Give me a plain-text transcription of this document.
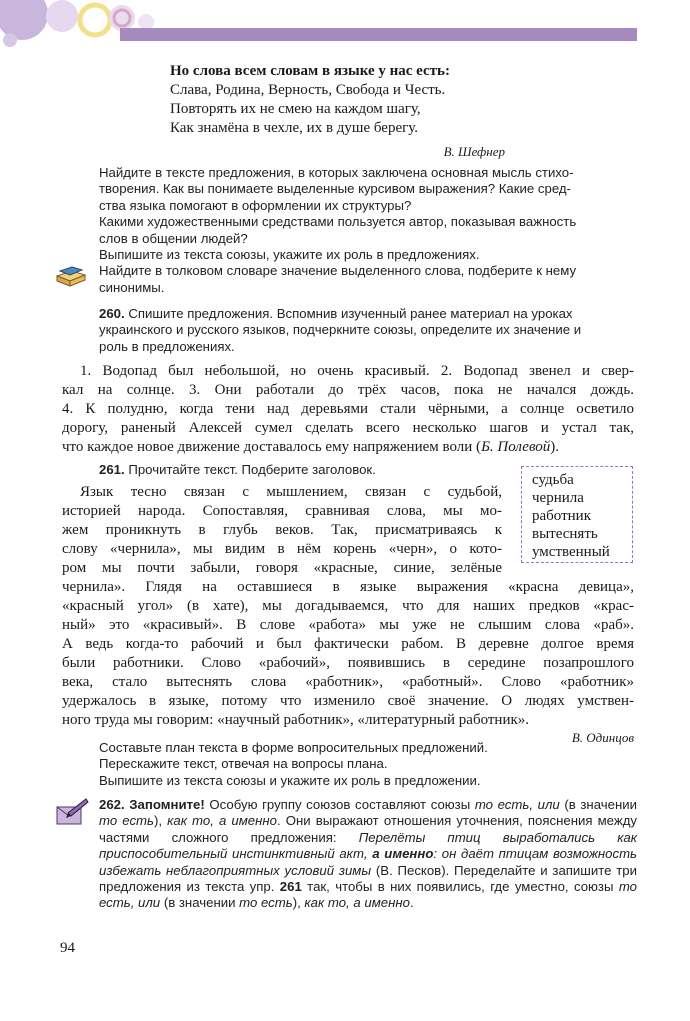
Но слова всем словам в языке у нас есть:
Слава, Родина, Верность, Свобода и Честь.
Повторять их не смею на каждом шагу,
Как знамёна в чехле, их в душе берегу.
В. Шефнер
Найдите в тексте предложения, в которых заключена основная мысль стихо-
творения. Как вы понимаете выделенные курсивом выражения? Какие сред-
ства языка помогают в оформлении их структуры?
Какими художественными средствами пользуется автор, показывая важность
слов в общении людей?
Выпишите из текста союзы, укажите их роль в предложениях.
Найдите в толковом словаре значение выделенного слова, подберите к нему
синонимы.
260. Спишите предложения. Вспомнив изученный ранее материал на уроках
украинского и русского языков, подчеркните союзы, определите их значение и
роль в предложениях.
1. Водопад был небольшой, но очень красивый. 2. Водопад звенел и свер-
кал на солнце. 3. Они работали до трёх часов, пока не начался дождь.
4. К полудню, когда тени над деревьями стали чёрными, а солнце осветило
дорогу, раненый Алексей сумел сделать всего несколько шагов и устал так,
что каждое новое движение доставалось ему напряжением воли (Б. Полевой).
261. Прочитайте текст. Подберите заголовок.
Язык тесно связан с мышлением, связан с судьбой,
историей народа. Сопоставляя, сравнивая слова, мы мо-
жем проникнуть в глубь веков. Так, присматриваясь к
слову «чернила», мы видим в нём корень «черн», о кото-
ром мы почти забыли, говоря «красные, синие, зелёные
судьба
чернила
работник
вытеснять
умственный
чернила». Глядя на оставшиеся в языке выражения «красна девица»,
«красный угол» (в хате), мы догадываемся, что для наших предков «крас-
ный» это «красивый». В слове «работа» мы уже не слышим слова «раб».
А ведь когда-то рабочий и был фактически рабом. В деревне долгое время
были работники. Слово «рабочий», появившись в середине позапрошлого
века, стало вытеснять слова «работник», «работный». Слово «работник»
удержалось в языке, потому что изменило своё значение. О людях умствен-
ного труда мы говорим: «научный работник», «литературный работник».
В. Одинцов
Составьте план текста в форме вопросительных предложений.
Перескажите текст, отвечая на вопросы плана.
Выпишите из текста союзы и укажите их роль в предложении.
262. Запомните! Особую группу союзов составляют союзы то есть, или (в значении то есть), как то, а именно. Они выражают отношения уточнения, пояснения между частями сложного предложения: Перелёты птиц выработались как приспособительный инстинктивный акт, а именно: он даёт птицам возможность избежать неблагоприятных условий зимы (В. Песков). Переделайте и запишите три предложения из текста упр. 261 так, чтобы в них появились, где уместно, союзы то есть, или (в значении то есть), как то, а именно.
94
